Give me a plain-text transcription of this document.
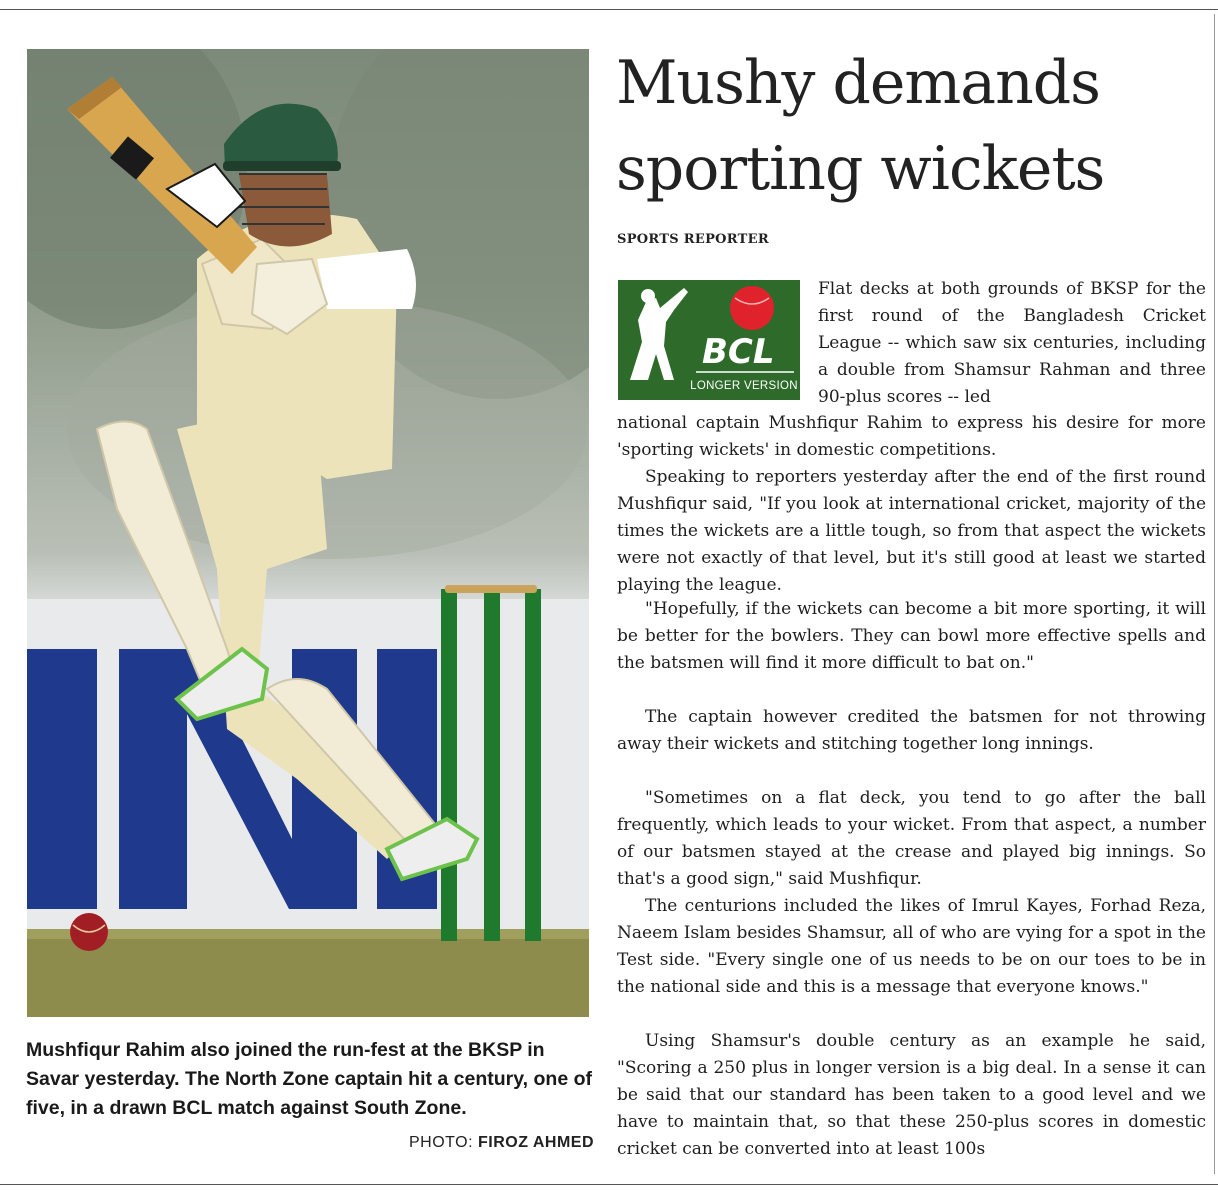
Mushfiqur Rahim also joined the run-fest at the BKSP in Savar yesterday. The North Zone captain hit a century, one of five, in a drawn BCL match against South Zone.

PHOTO: FIROZ AHMED
Mushy demands
sporting wickets
SPORTS REPORTER
BCL
LONGER VERSION

Flat decks at both grounds of BKSP for the first round of the Bangladesh Cricket League -- which saw six centuries, including a double from Shamsur Rahman and three 90-plus scores -- led

national captain Mushfiqur Rahim to express his desire for more 'sporting wickets' in domestic competitions.

Speaking to reporters yesterday after the end of the first round Mushfiqur said, "If you look at international cricket, majority of the times the wickets are a little tough, so from that aspect the wickets were not exactly of that level, but it's still good at least we started playing the league.

"Hopefully, if the wickets can become a bit more sporting, it will be better for the bowlers. They can bowl more effective spells and the batsmen will find it more difficult to bat on."

The captain however credited the batsmen for not throwing away their wickets and stitching together long innings.

"Sometimes on a flat deck, you tend to go after the ball frequently, which leads to your wicket. From that aspect, a number of our batsmen stayed at the crease and played big innings. So that's a good sign," said Mushfiqur.

The centurions included the likes of Imrul Kayes, Forhad Reza, Naeem Islam besides Shamsur, all of who are vying for a spot in the Test side. "Every single one of us needs to be on our toes to be in the national side and this is a message that everyone knows."

Using Shamsur's double century as an example he said, "Scoring a 250 plus in longer version is a big deal. In a sense it can be said that our standard has been taken to a good level and we have to maintain that, so that these 250-plus scores in domestic cricket can be converted into at least 100s
